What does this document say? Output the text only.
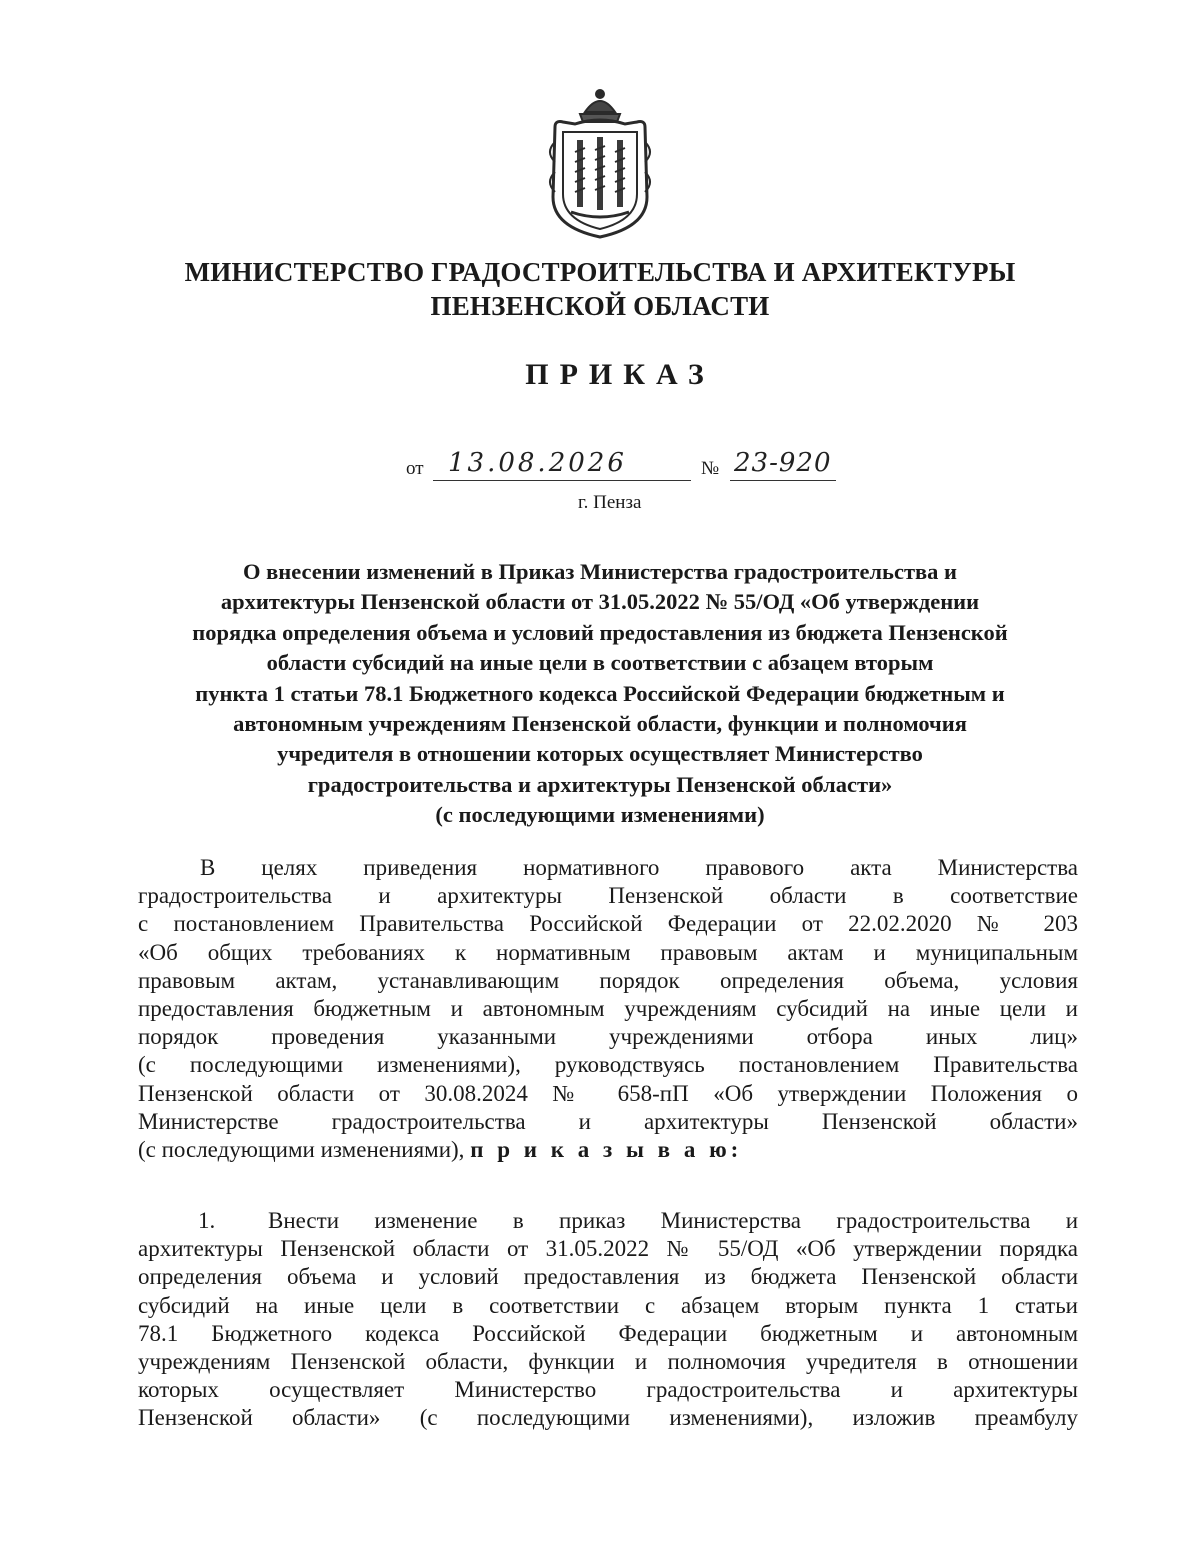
МИНИСТЕРСТВО ГРАДОСТРОИТЕЛЬСТВА И АРХИТЕКТУРЫ
ПЕНЗЕНСКОЙ ОБЛАСТИ
ПРИКАЗ
от 13.08.2026	№ 23-920
г. Пенза
О внесении изменений в Приказ Министерства градостроительства и
архитектуры Пензенской области от 31.05.2022 № 55/ОД «Об утверждении
порядка определения объема и условий предоставления из бюджета Пензенской
области субсидий на иные цели в соответствии с абзацем вторым
пункта 1 статьи 78.1 Бюджетного кодекса Российской Федерации бюджетным и
автономным учреждениям Пензенской области, функции и полномочия
учредителя в отношении которых осуществляет Министерство
градостроительства и архитектуры Пензенской области»
(с последующими изменениями)
В целях приведения нормативного правового акта Министерства
градостроительства и архитектуры Пензенской области в соответствие
с постановлением Правительства Российской Федерации от 22.02.2020 № 203
«Об общих требованиях к нормативным правовым актам и муниципальным
правовым актам, устанавливающим порядок определения объема, условия
предоставления бюджетным и автономным учреждениям субсидий на иные цели и
порядок проведения указанными учреждениями отбора иных лиц»
(с последующими изменениями), руководствуясь постановлением Правительства
Пензенской области от 30.08.2024 № 658-пП «Об утверждении Положения о
Министерстве градостроительства и архитектуры Пензенской области»
(с последующими изменениями), п р и к а з ы в а ю:
1. Внести изменение в приказ Министерства градостроительства и
архитектуры Пензенской области от 31.05.2022 № 55/ОД «Об утверждении порядка
определения объема и условий предоставления из бюджета Пензенской области
субсидий на иные цели в соответствии с абзацем вторым пункта 1 статьи
78.1 Бюджетного кодекса Российской Федерации бюджетным и автономным
учреждениям Пензенской области, функции и полномочия учредителя в отношении
которых осуществляет Министерство градостроительства и архитектуры
Пензенской области» (с последующими изменениями), изложив преамбулу
